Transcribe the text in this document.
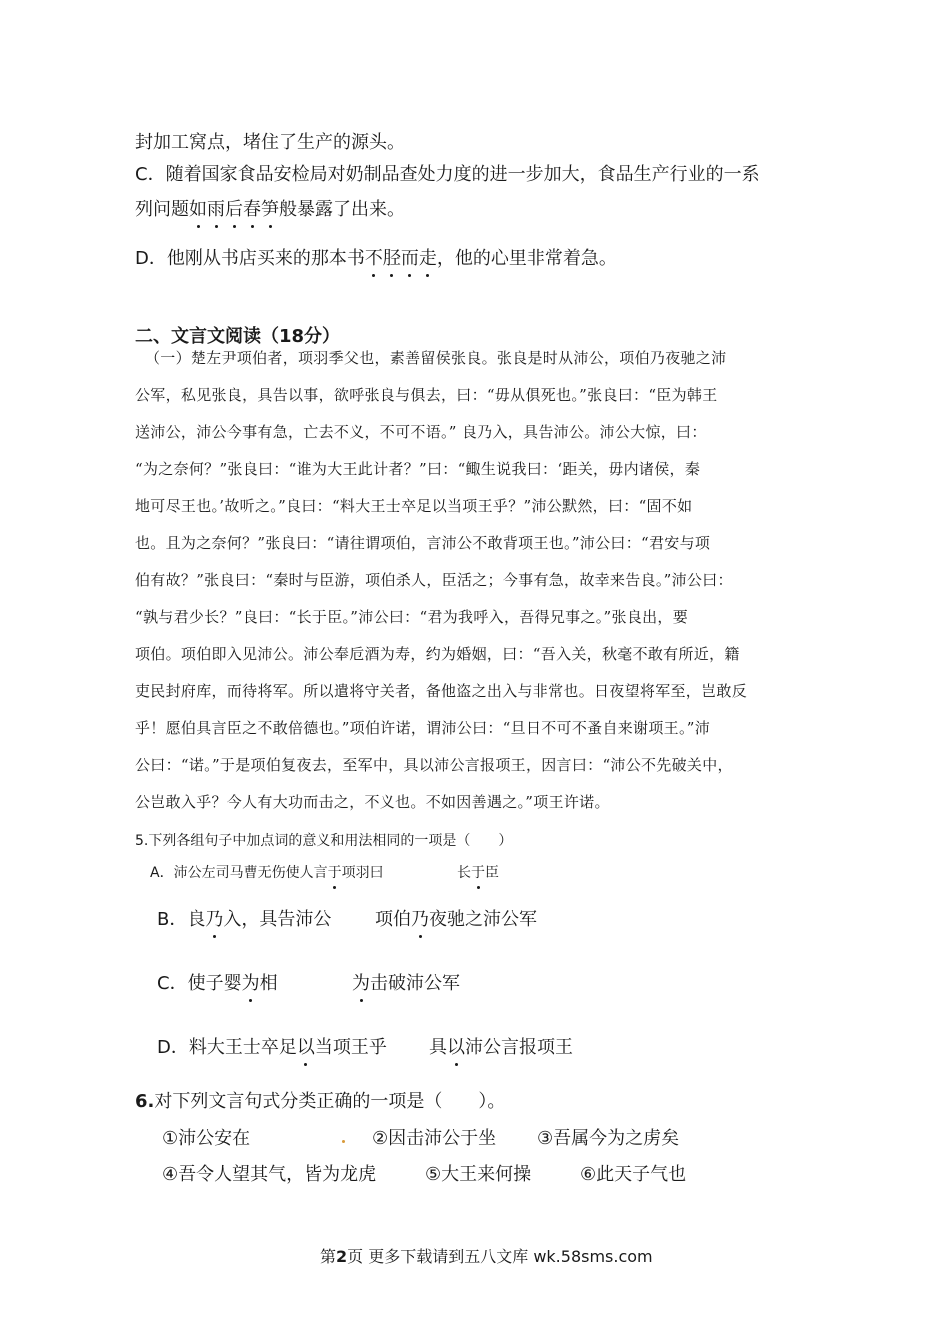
封加工窝点，堵住了生产的源头。
C．随着国家食品安检局对奶制品查处力度的进一步加大，食品生产行业的一系
列问题如雨后春笋般暴露了出来。
D．他刚从书店买来的那本书不胫而走，他的心里非常着急。
二、文言文阅读（18分）
（一）楚左尹项伯者，项羽季父也，素善留侯张良。张良是时从沛公，项伯乃夜驰之沛
公军，私见张良，具告以事，欲呼张良与俱去，曰：“毋从俱死也。”张良曰：“臣为韩王
送沛公，沛公今事有急，亡去不义，不可不语。” 良乃入，具告沛公。沛公大惊，曰：
“为之奈何？”张良曰：“谁为大王此计者？”曰：“鲰生说我曰：‘距关，毋内诸侯，秦
地可尽王也。’故听之。”良曰：“料大王士卒足以当项王乎？”沛公默然，曰：“固不如
也。且为之奈何？”张良曰：“请往谓项伯，言沛公不敢背项王也。”沛公曰：“君安与项
伯有故？”张良曰：“秦时与臣游，项伯杀人，臣活之；今事有急，故幸来告良。”沛公曰：
“孰与君少长？”良曰：“长于臣。”沛公曰：“君为我呼入，吾得兄事之。”张良出，要
项伯。项伯即入见沛公。沛公奉卮酒为寿，约为婚姻，曰：“吾入关，秋毫不敢有所近，籍
吏民封府库，而待将军。所以遣将守关者，备他盗之出入与非常也。日夜望将军至，岂敢反
乎！愿伯具言臣之不敢倍德也。”项伯许诺，谓沛公曰：“旦日不可不蚤自来谢项王。”沛
公曰：“诺。”于是项伯复夜去，至军中，具以沛公言报项王，因言曰：“沛公不先破关中，
公岂敢入乎？今人有大功而击之，不义也。不如因善遇之。”项王许诺。
5.下列各组句子中加点词的意义和用法相同的一项是（　　）
A．沛公左司马曹无伤使人言于项羽曰	长于臣
B．良乃入，具告沛公 项伯乃夜驰之沛公军
C．使子婴为相	为击破沛公军
D．料大王士卒足以当项王乎 具以沛公言报项王
6.对下列文言句式分类正确的一项是（　　）。
①沛公安在	②因击沛公于坐 ③吾属今为之虏矣
④吾令人望其气，皆为龙虎	⑤大王来何操	⑥此天子气也
第2页 更多下载请到五八文库 wk.58sms.com
